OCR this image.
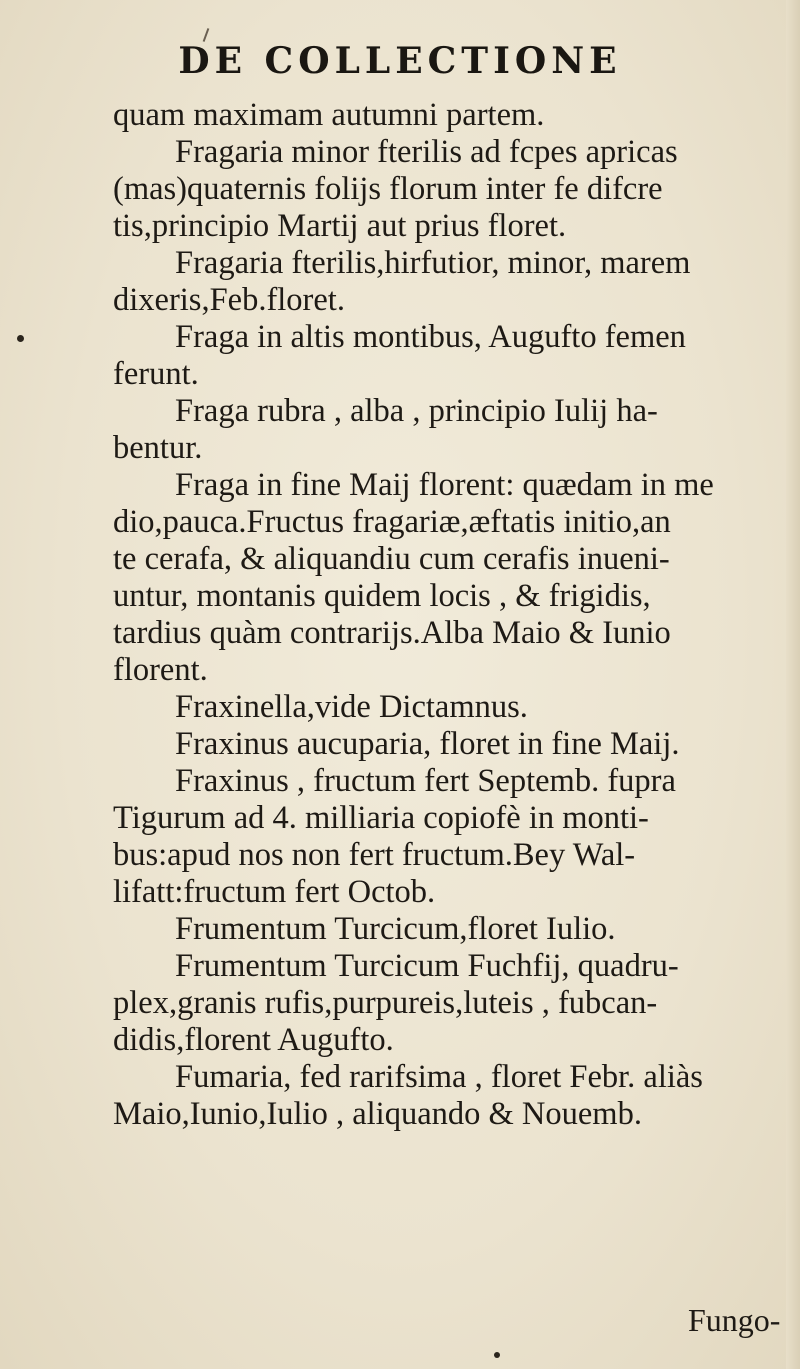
DE COLLECTIONE
quam maximam autumni partem.
Fragaria minor fterilis ad fcpes apricas
(mas)quaternis folijs florum inter fe difcre
tis,principio Martij aut prius floret.
Fragaria fterilis,hirfutior, minor, marem
dixeris,Feb.floret.
Fraga in altis montibus, Augufto femen
ferunt.
Fraga rubra , alba , principio Iulij ha-
bentur.
Fraga in fine Maij florent: quædam in me
dio,pauca.Fructus fragariæ,æftatis initio,an
te cerafa, & aliquandiu cum cerafis inueni-
untur, montanis quidem locis , & frigidis,
tardius quàm contrarijs.Alba Maio & Iunio
florent.
Fraxinella,vide Dictamnus.
Fraxinus aucuparia, floret in fine Maij.
Fraxinus , fructum fert Septemb. fupra
Tigurum ad 4. milliaria copiofè in monti-
bus:apud nos non fert fructum.Bey Wal-
lifatt:fructum fert Octob.
Frumentum Turcicum,floret Iulio.
Frumentum Turcicum Fuchfij, quadru-
plex,granis rufis,purpureis,luteis , fubcan-
didis,florent Augufto.
Fumaria, fed rarifsima , floret Febr. aliàs
Maio,Iunio,Iulio , aliquando & Nouemb.
Fungo-
